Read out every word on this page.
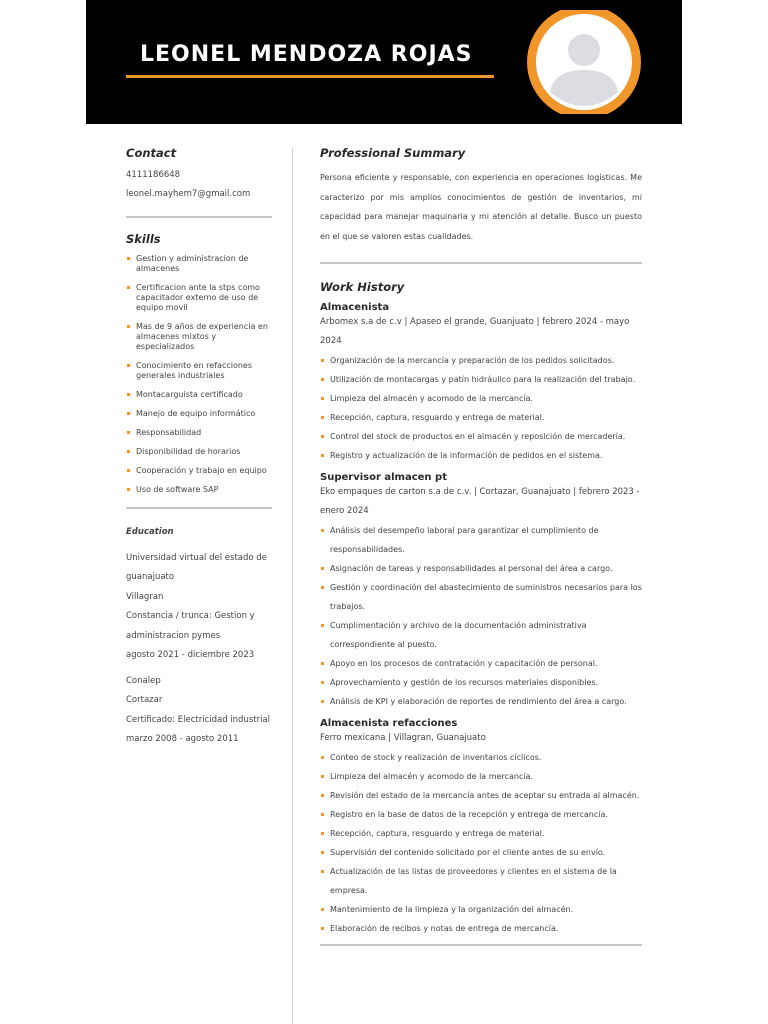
LEONEL MENDOZA ROJAS

Contact

4111186648

leonel.mayhem7@gmail.com

Skills

Gestion y administracion de almacenes
Certificacion ante la stps como capacitador externo de uso de equipo movil
Mas de 9 años de experiencia en almacenes mixtos y especializados
Conocimiento en refacciones generales industriales
Montacarguista certificado
Manejo de equipo informático
Responsabilidad
Disponibilidad de horarios
Cooperación y trabajo en equipo
Uso de software SAP

Education

Universidad virtual del estado de guanajuato

Villagran

Constancia / trunca: Gestion y administracion pymes

agosto 2021 - diciembre 2023

Conalep

Cortazar

Certificado: Electricidad industrial

marzo 2008 - agosto 2011

Professional Summary

Persona eficiente y responsable, con experiencia en operaciones logísticas. Me caracterizo por mis amplios conocimientos de gestión de inventarios, mi capacidad para manejar maquinaria y mi atención al detalle. Busco un puesto en el que se valoren estas cualidades.

Work History

Almacenista

Arbomex s.a de c.v | Apaseo el grande, Guanjuato | febrero 2024 - mayo 2024

Organización de la mercancía y preparación de los pedidos solicitados.
Utilización de montacargas y patín hidráulico para la realización del trabajo.
Limpieza del almacén y acomodo de la mercancía.
Recepción, captura, resguardo y entrega de material.
Control del stock de productos en el almacén y reposición de mercadería.
Registro y actualización de la información de pedidos en el sistema.

Supervisor almacen pt

Eko empaques de carton s.a de c.v. | Cortazar, Guanajuato | febrero 2023 - enero 2024

Análisis del desempeño laboral para garantizar el cumplimiento de responsabilidades.
Asignación de tareas y responsabilidades al personal del área a cargo.
Gestión y coordinación del abastecimiento de suministros necesarios para los trabajos.
Cumplimentación y archivo de la documentación administrativa correspondiente al puesto.
Apoyo en los procesos de contratación y capacitación de personal.
Aprovechamiento y gestión de los recursos materiales disponibles.
Análisis de KPI y elaboración de reportes de rendimiento del área a cargo.

Almacenista refacciones

Ferro mexicana | Villagran, Guanajuato

Conteo de stock y realización de inventarios cíclicos.
Limpieza del almacén y acomodo de la mercancía.
Revisión del estado de la mercancía antes de aceptar su entrada al almacén.
Registro en la base de datos de la recepción y entrega de mercancía.
Recepción, captura, resguardo y entrega de material.
Supervisión del contenido solicitado por el cliente antes de su envío.
Actualización de las listas de proveedores y clientes en el sistema de la empresa.
Mantenimiento de la limpieza y la organización del almacén.
Elaboración de recibos y notas de entrega de mercancía.
